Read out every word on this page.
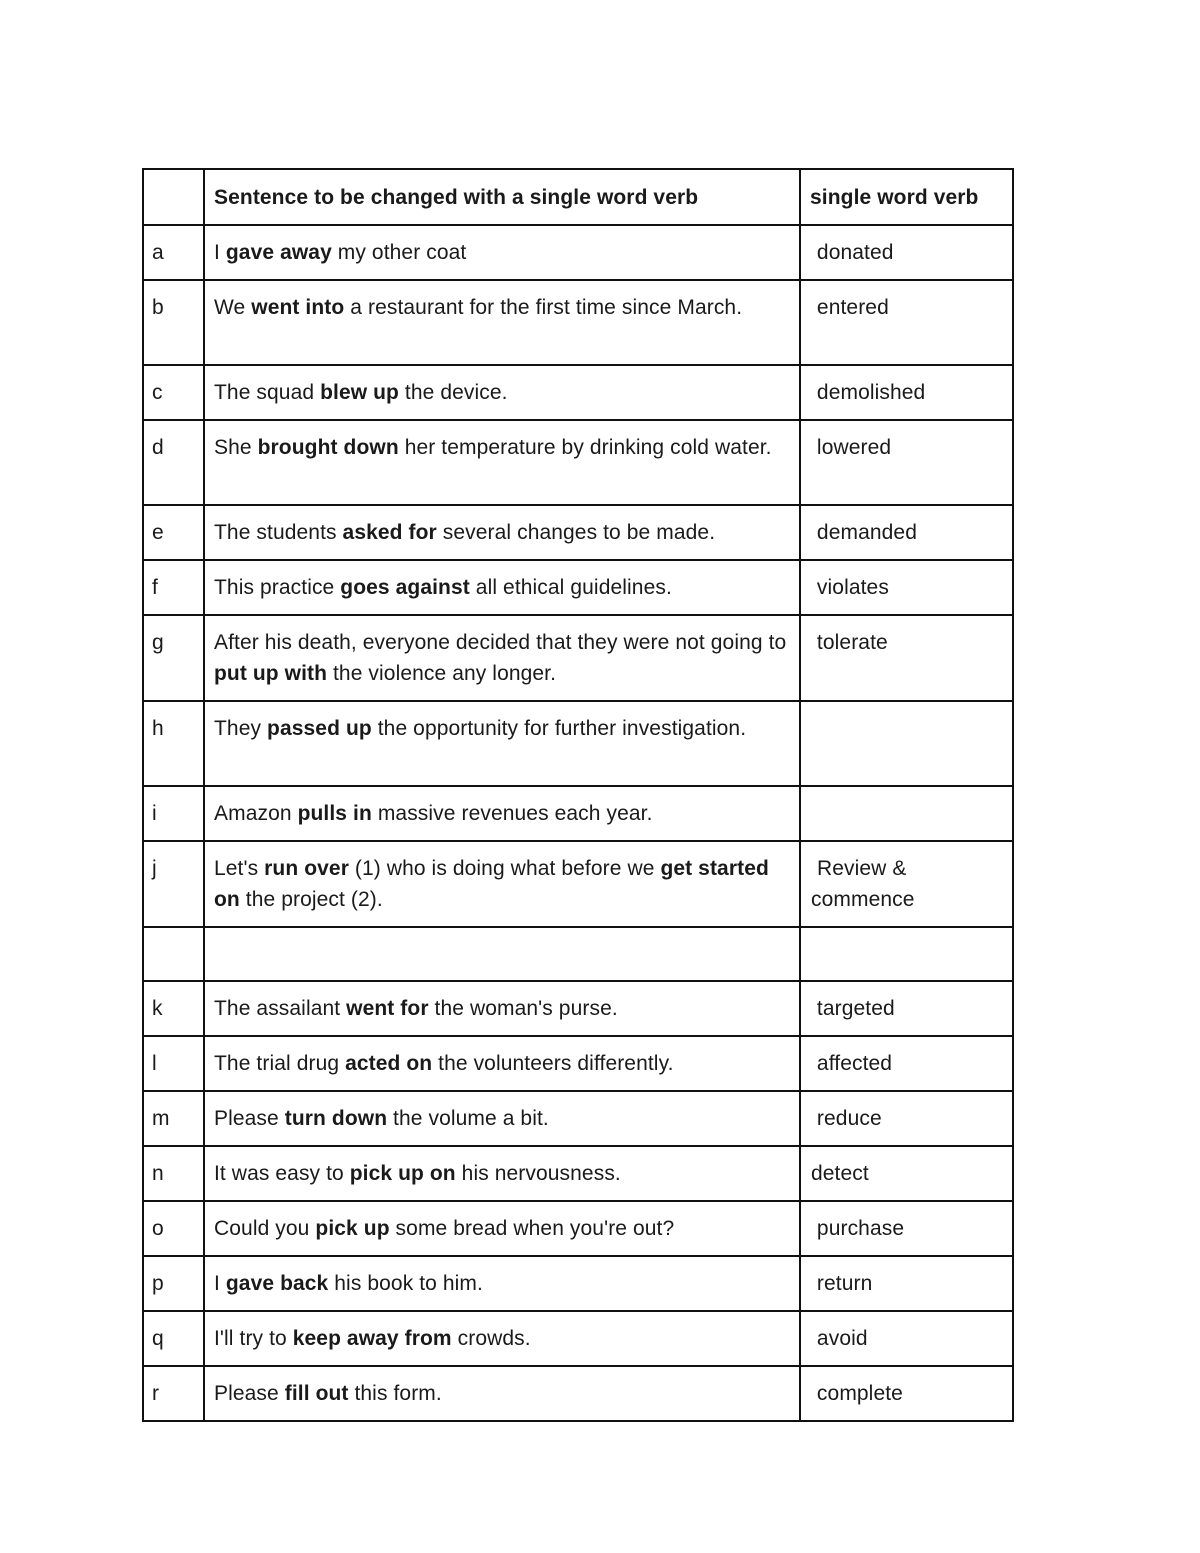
	Sentence to be changed with a single word verb	single word verb
a	I gave away my other coat	donated
b	We went into a restaurant for the first time since March.	entered
c	The squad blew up the device.	demolished
d	She brought down her temperature by drinking cold water.	lowered
e	The students asked for several changes to be made.	demanded
f	This practice goes against all ethical guidelines.	violates
g	After his death, everyone decided that they were not going to put up with the violence any longer.	tolerate
h	They passed up the opportunity for further investigation.	
i	Amazon pulls in massive revenues each year.	
j	Let's run over (1) who is doing what before we get started on the project (2).	Review & commence

k	The assailant went for the woman's purse.	targeted
l	The trial drug acted on the volunteers differently.	affected
m	Please turn down the volume a bit.	reduce
n	It was easy to pick up on his nervousness.	detect
o	Could you pick up some bread when you're out?	purchase
p	I gave back his book to him.	return
q	I'll try to keep away from crowds.	avoid
r	Please fill out this form.	complete
